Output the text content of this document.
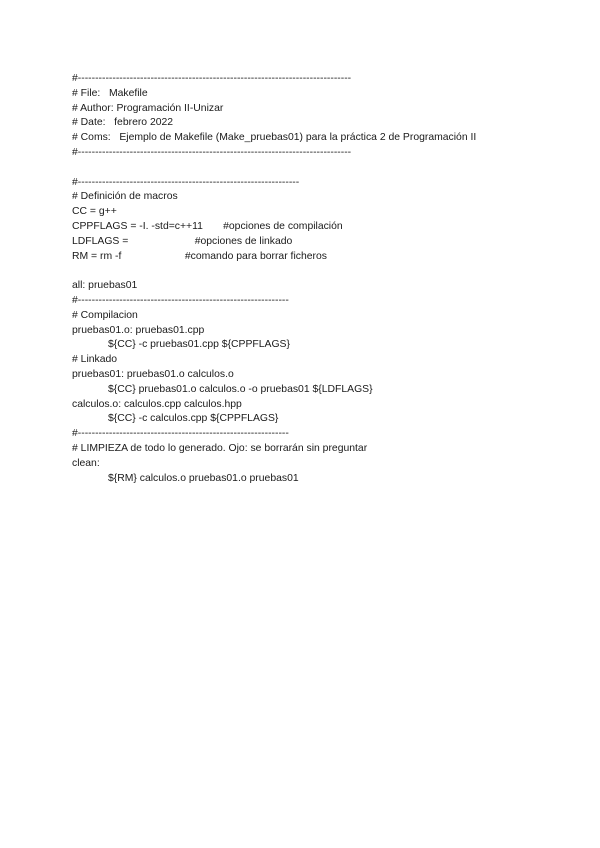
#-------------------------------------------------------------------------------
# File:   Makefile
# Author: Programación II-Unizar
# Date:   febrero 2022
# Coms:   Ejemplo de Makefile (Make_pruebas01) para la práctica 2 de Programación II
#-------------------------------------------------------------------------------
#----------------------------------------------------------------
# Definición de macros
CC = g++
CPPFLAGS = -I. -std=c++11       #opciones de compilación
LDFLAGS =                       #opciones de linkado
RM = rm -f                      #comando para borrar ficheros
all: pruebas01
#-------------------------------------------------------------
# Compilacion
pruebas01.o: pruebas01.cpp
${CC} -c pruebas01.cpp ${CPPFLAGS}
# Linkado
pruebas01: pruebas01.o calculos.o
${CC} pruebas01.o calculos.o -o pruebas01 ${LDFLAGS}
calculos.o: calculos.cpp calculos.hpp
${CC} -c calculos.cpp ${CPPFLAGS}
#-------------------------------------------------------------
# LIMPIEZA de todo lo generado. Ojo: se borrarán sin preguntar
clean:
${RM} calculos.o pruebas01.o pruebas01
